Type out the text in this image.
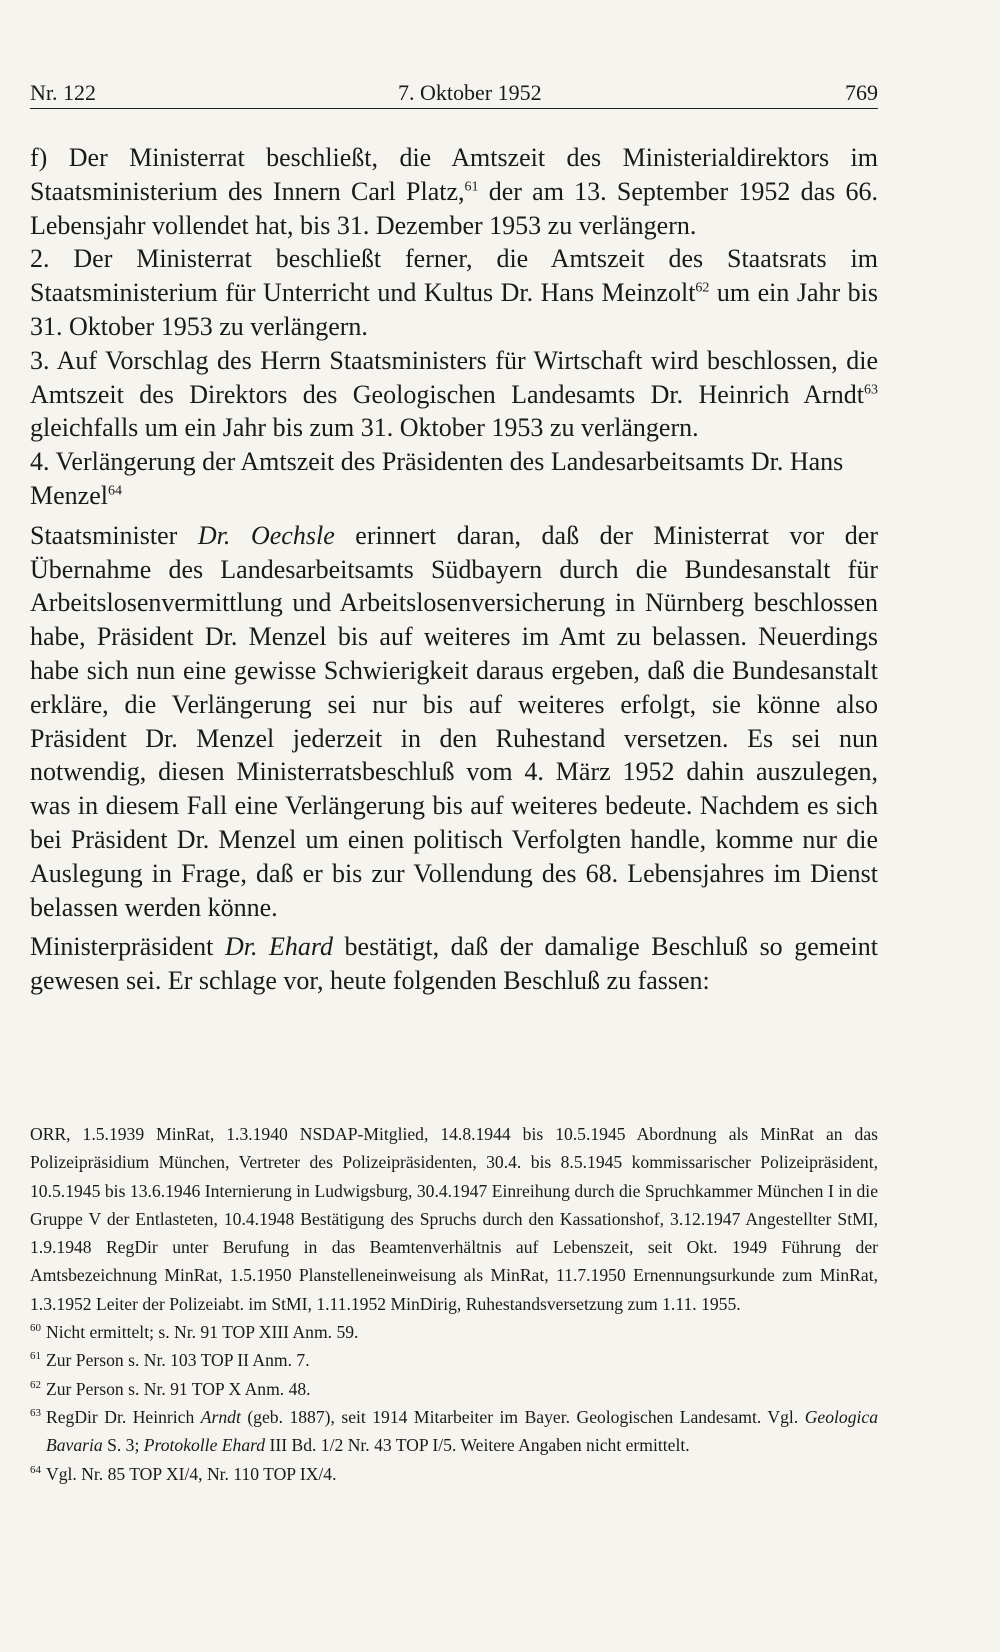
Nr. 122	7. Oktober 1952	769

f) Der Ministerrat beschließt, die Amtszeit des Ministerialdirektors im Staatsministerium des Innern Carl Platz,$^{61}$ der am 13. September 1952 das 66. Lebensjahr vollendet hat, bis 31. Dezember 1953 zu verlängern.

2. Der Ministerrat beschließt ferner, die Amtszeit des Staatsrats im Staatsministerium für Unterricht und Kultus Dr. Hans Meinzolt$^{62}$ um ein Jahr bis 31. Oktober 1953 zu verlängern.

3. Auf Vorschlag des Herrn Staatsministers für Wirtschaft wird beschlossen, die Amtszeit des Direktors des Geologischen Landesamts Dr. Heinrich Arndt$^{63}$ gleichfalls um ein Jahr bis zum 31. Oktober 1953 zu verlängern.

4. Verlängerung der Amtszeit des Präsidenten des Landesarbeitsamts Dr. Hans Menzel$^{64}$

Staatsminister Dr. Oechsle erinnert daran, daß der Ministerrat vor der Übernahme des Landesarbeitsamts Südbayern durch die Bundesanstalt für Arbeitslosenvermittlung und Arbeitslosenversicherung in Nürnberg beschlossen habe, Präsident Dr. Menzel bis auf weiteres im Amt zu belassen. Neuerdings habe sich nun eine gewisse Schwierigkeit daraus ergeben, daß die Bundesanstalt erkläre, die Verlängerung sei nur bis auf weiteres erfolgt, sie könne also Präsident Dr. Menzel jederzeit in den Ruhestand versetzen. Es sei nun notwendig, diesen Ministerratsbeschluß vom 4. März 1952 dahin auszulegen, was in diesem Fall eine Verlängerung bis auf weiteres bedeute. Nachdem es sich bei Präsident Dr. Menzel um einen politisch Verfolgten handle, komme nur die Auslegung in Frage, daß er bis zur Vollendung des 68. Lebensjahres im Dienst belassen werden könne.

Ministerpräsident Dr. Ehard bestätigt, daß der damalige Beschluß so gemeint gewesen sei. Er schlage vor, heute folgenden Beschluß zu fassen:

ORR, 1.5.1939 MinRat, 1.3.1940 NSDAP-Mitglied, 14.8.1944 bis 10.5.1945 Abordnung als MinRat an das Polizeipräsidium München, Vertreter des Polizeipräsidenten, 30.4. bis 8.5.1945 kommissarischer Polizeipräsident, 10.5.1945 bis 13.6.1946 Internierung in Ludwigsburg, 30.4.1947 Einreihung durch die Spruchkammer München I in die Gruppe V der Entlasteten, 10.4.1948 Bestätigung des Spruchs durch den Kassationshof, 3.12.1947 Angestellter StMI, 1.9.1948 RegDir unter Berufung in das Beamtenverhältnis auf Lebenszeit, seit Okt. 1949 Führung der Amtsbezeichnung MinRat, 1.5.1950 Planstelleneinweisung als MinRat, 11.7.1950 Ernennungsurkunde zum MinRat, 1.3.1952 Leiter der Polizeiabt. im StMI, 1.11.1952 MinDirig, Ruhestandsversetzung zum 1.11. 1955.

60 Nicht ermittelt; s. Nr. 91 TOP XIII Anm. 59.
61 Zur Person s. Nr. 103 TOP II Anm. 7.
62 Zur Person s. Nr. 91 TOP X Anm. 48.
63 RegDir Dr. Heinrich Arndt (geb. 1887), seit 1914 Mitarbeiter im Bayer. Geologischen Landesamt. Vgl. Geologica Bavaria S. 3; Protokolle Ehard III Bd. 1/2 Nr. 43 TOP I/5. Weitere Angaben nicht ermittelt.
64 Vgl. Nr. 85 TOP XI/4, Nr. 110 TOP IX/4.
